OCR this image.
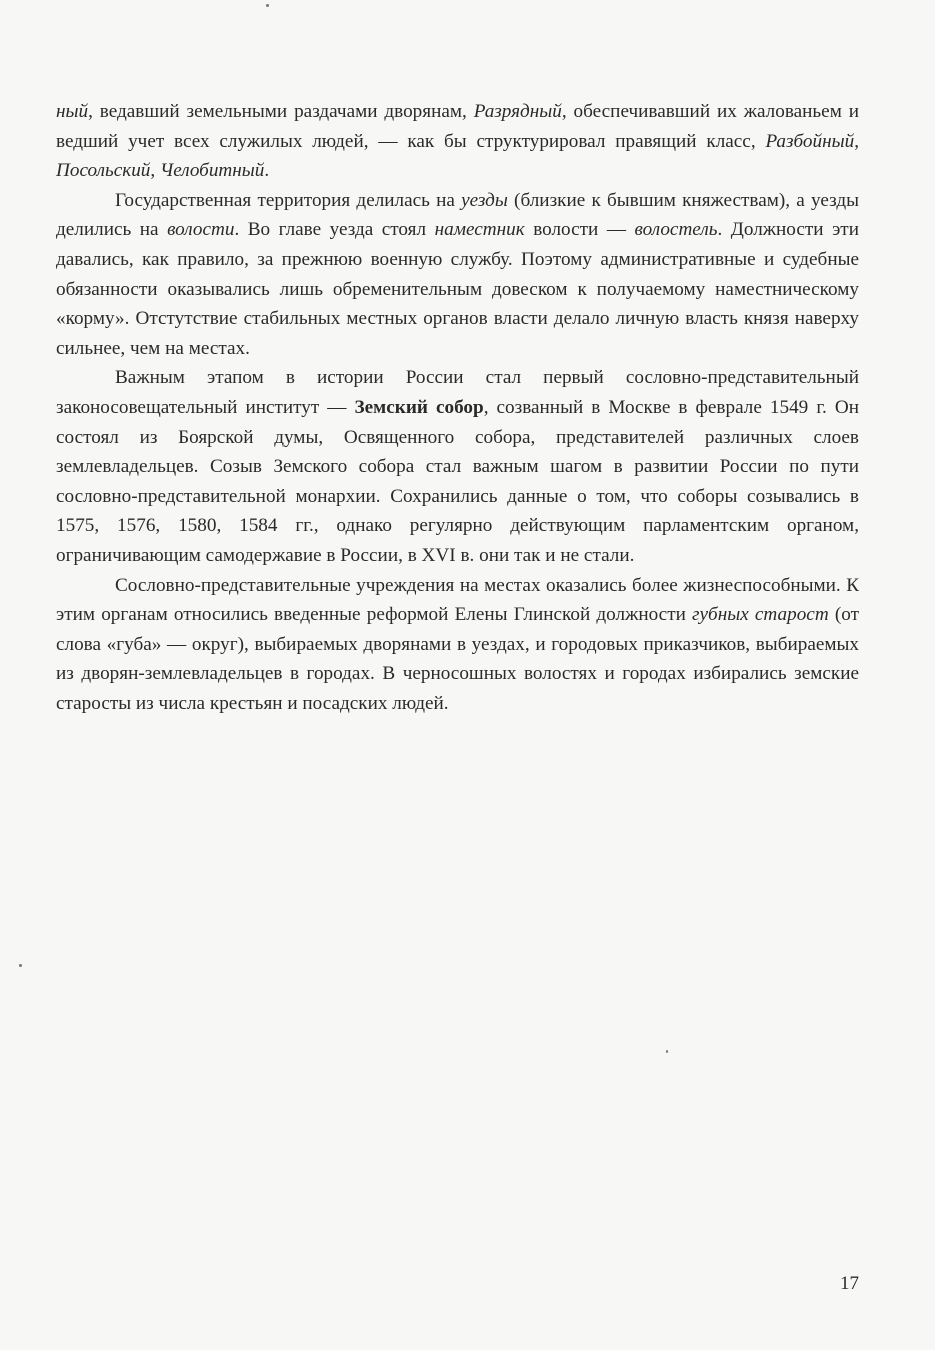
ный, ведавший земельными раздачами дворянам, Разрядный, обеспечивавший их жалованьем и ведший учет всех служилых людей, — как бы структурировал правящий класс, Разбойный, Посольский, Челобитный.

Государственная территория делилась на уезды (близкие к бывшим княжествам), а уезды делились на волости. Во главе уезда стоял наместник волости — волостель. Должности эти давались, как правило, за прежнюю военную службу. Поэтому административные и судебные обязанности оказывались лишь обременительным довеском к получаемому наместническому «корму». Отстутствие стабильных местных органов власти делало личную власть князя наверху сильнее, чем на местах.

Важным этапом в истории России стал первый сословно-представительный законосовещательный институт — Земский собор, созванный в Москве в феврале 1549 г. Он состоял из Боярской думы, Освященного собора, представителей различных слоев землевладельцев. Созыв Земского собора стал важным шагом в развитии России по пути сословно-представительной монархии. Сохранились данные о том, что соборы созывались в 1575, 1576, 1580, 1584 гг., однако регулярно действующим парламентским органом, ограничивающим самодержавие в России, в XVI в. они так и не стали.

Сословно-представительные учреждения на местах оказались более жизнеспособными. К этим органам относились введенные реформой Елены Глинской должности губных старост (от слова «губа» — округ), выбираемых дворянами в уездах, и городовых приказчиков, выбираемых из дворян-землевладельцев в городах. В черносошных волостях и городах избирались земские старосты из числа крестьян и посадских людей.

17
